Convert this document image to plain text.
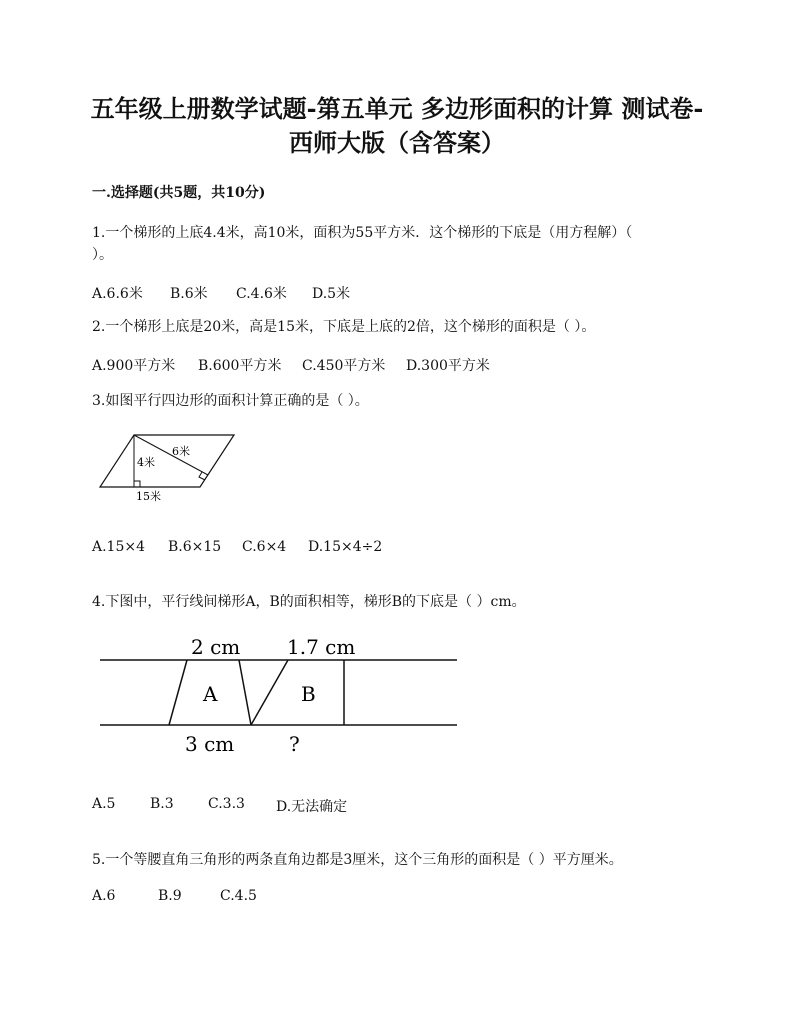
五年级上册数学试题-第五单元 多边形面积的计算 测试卷-
西师大版（含答案）
一.选择题(共5题，共10分)
1.一个梯形的上底4.4米，高10米，面积为55平方米．这个梯形的下底是（用方程解）（
）。
A.6.6米 B.6米 C.4.6米 D.5米
2.一个梯形上底是20米，高是15米，下底是上底的2倍，这个梯形的面积是（ ）。
A.900平方米 B.600平方米 C.450平方米 D.300平方米
3.如图平行四边形的面积计算正确的是（ ）。
6米
4米
15米
A.15×4 B.6×15 C.6×4 D.15×4÷2
4.下图中，平行线间梯形A，B的面积相等，梯形B的下底是（ ）cm。
2 cm 1.7 cm
A	B
3 cm	?
A.5 B.3 C.3.3 D.无法确定
5.一个等腰直角三角形的两条直角边都是3厘米，这个三角形的面积是（ ）平方厘米。
A.6	B.9	C.4.5
